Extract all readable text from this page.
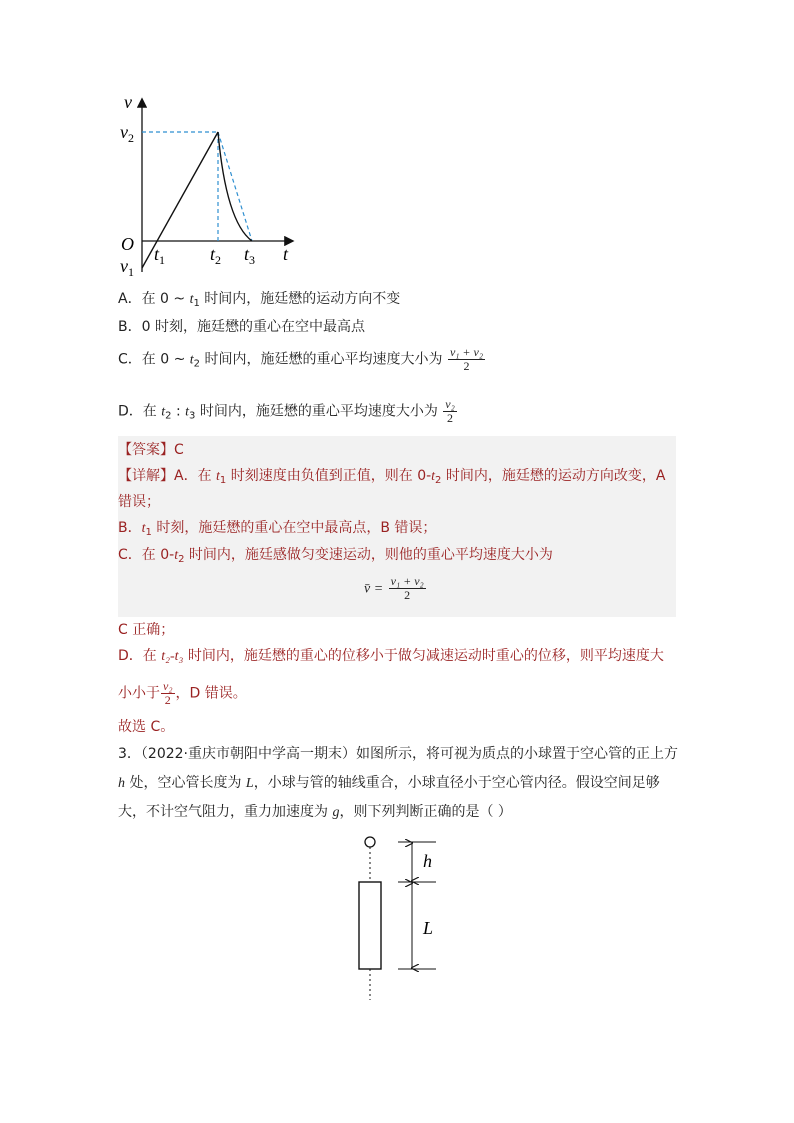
v
$v_2$
O
$v_1$
$t_1$ $t_2$ $t_3$ t
A．在 0 ~ $t_1$ 时间内，施廷懋的运动方向不变
B．0 时刻，施廷懋的重心在空中最高点
C．在 0 ~ $t_2$ 时间内，施廷懋的重心平均速度大小为 $\frac{\text{v₁ + v₂}}{2}$
D．在 $t_2$ : $t_3$ 时间内，施廷懋的重心平均速度大小为 $\frac{\text{v₂}}{2}$
【答案】C
【详解】A．在 $t_1$ 时刻速度由负值到正值，则在 $0-t_2$ 时间内，施廷懋的运动方向改变，A
错误；
B．$t_1$ 时刻，施廷懋的重心在空中最高点，B 错误；
C．在 $0-t_2$ 时间内，施廷感做匀变速运动，则他的重心平均速度大小为
v̄ = $\frac{\text{v₁ + v₂}}{2}$
C 正确；
D．在 t₂-t₃ 时间内，施廷懋的重心的位移小于做匀减速运动时重心的位移，则平均速度大
小小于 $\frac{\text{v₂}}{2}$ ，D 错误。
故选 C。
3．（2022·重庆市朝阳中学高一期末）如图所示，将可视为质点的小球置于空心管的正上方
h 处，空心管长度为 L，小球与管的轴线重合，小球直径小于空心管内径。假设空间足够
大，不计空气阻力，重力加速度为 g，则下列判断正确的是（ ）
h
L
